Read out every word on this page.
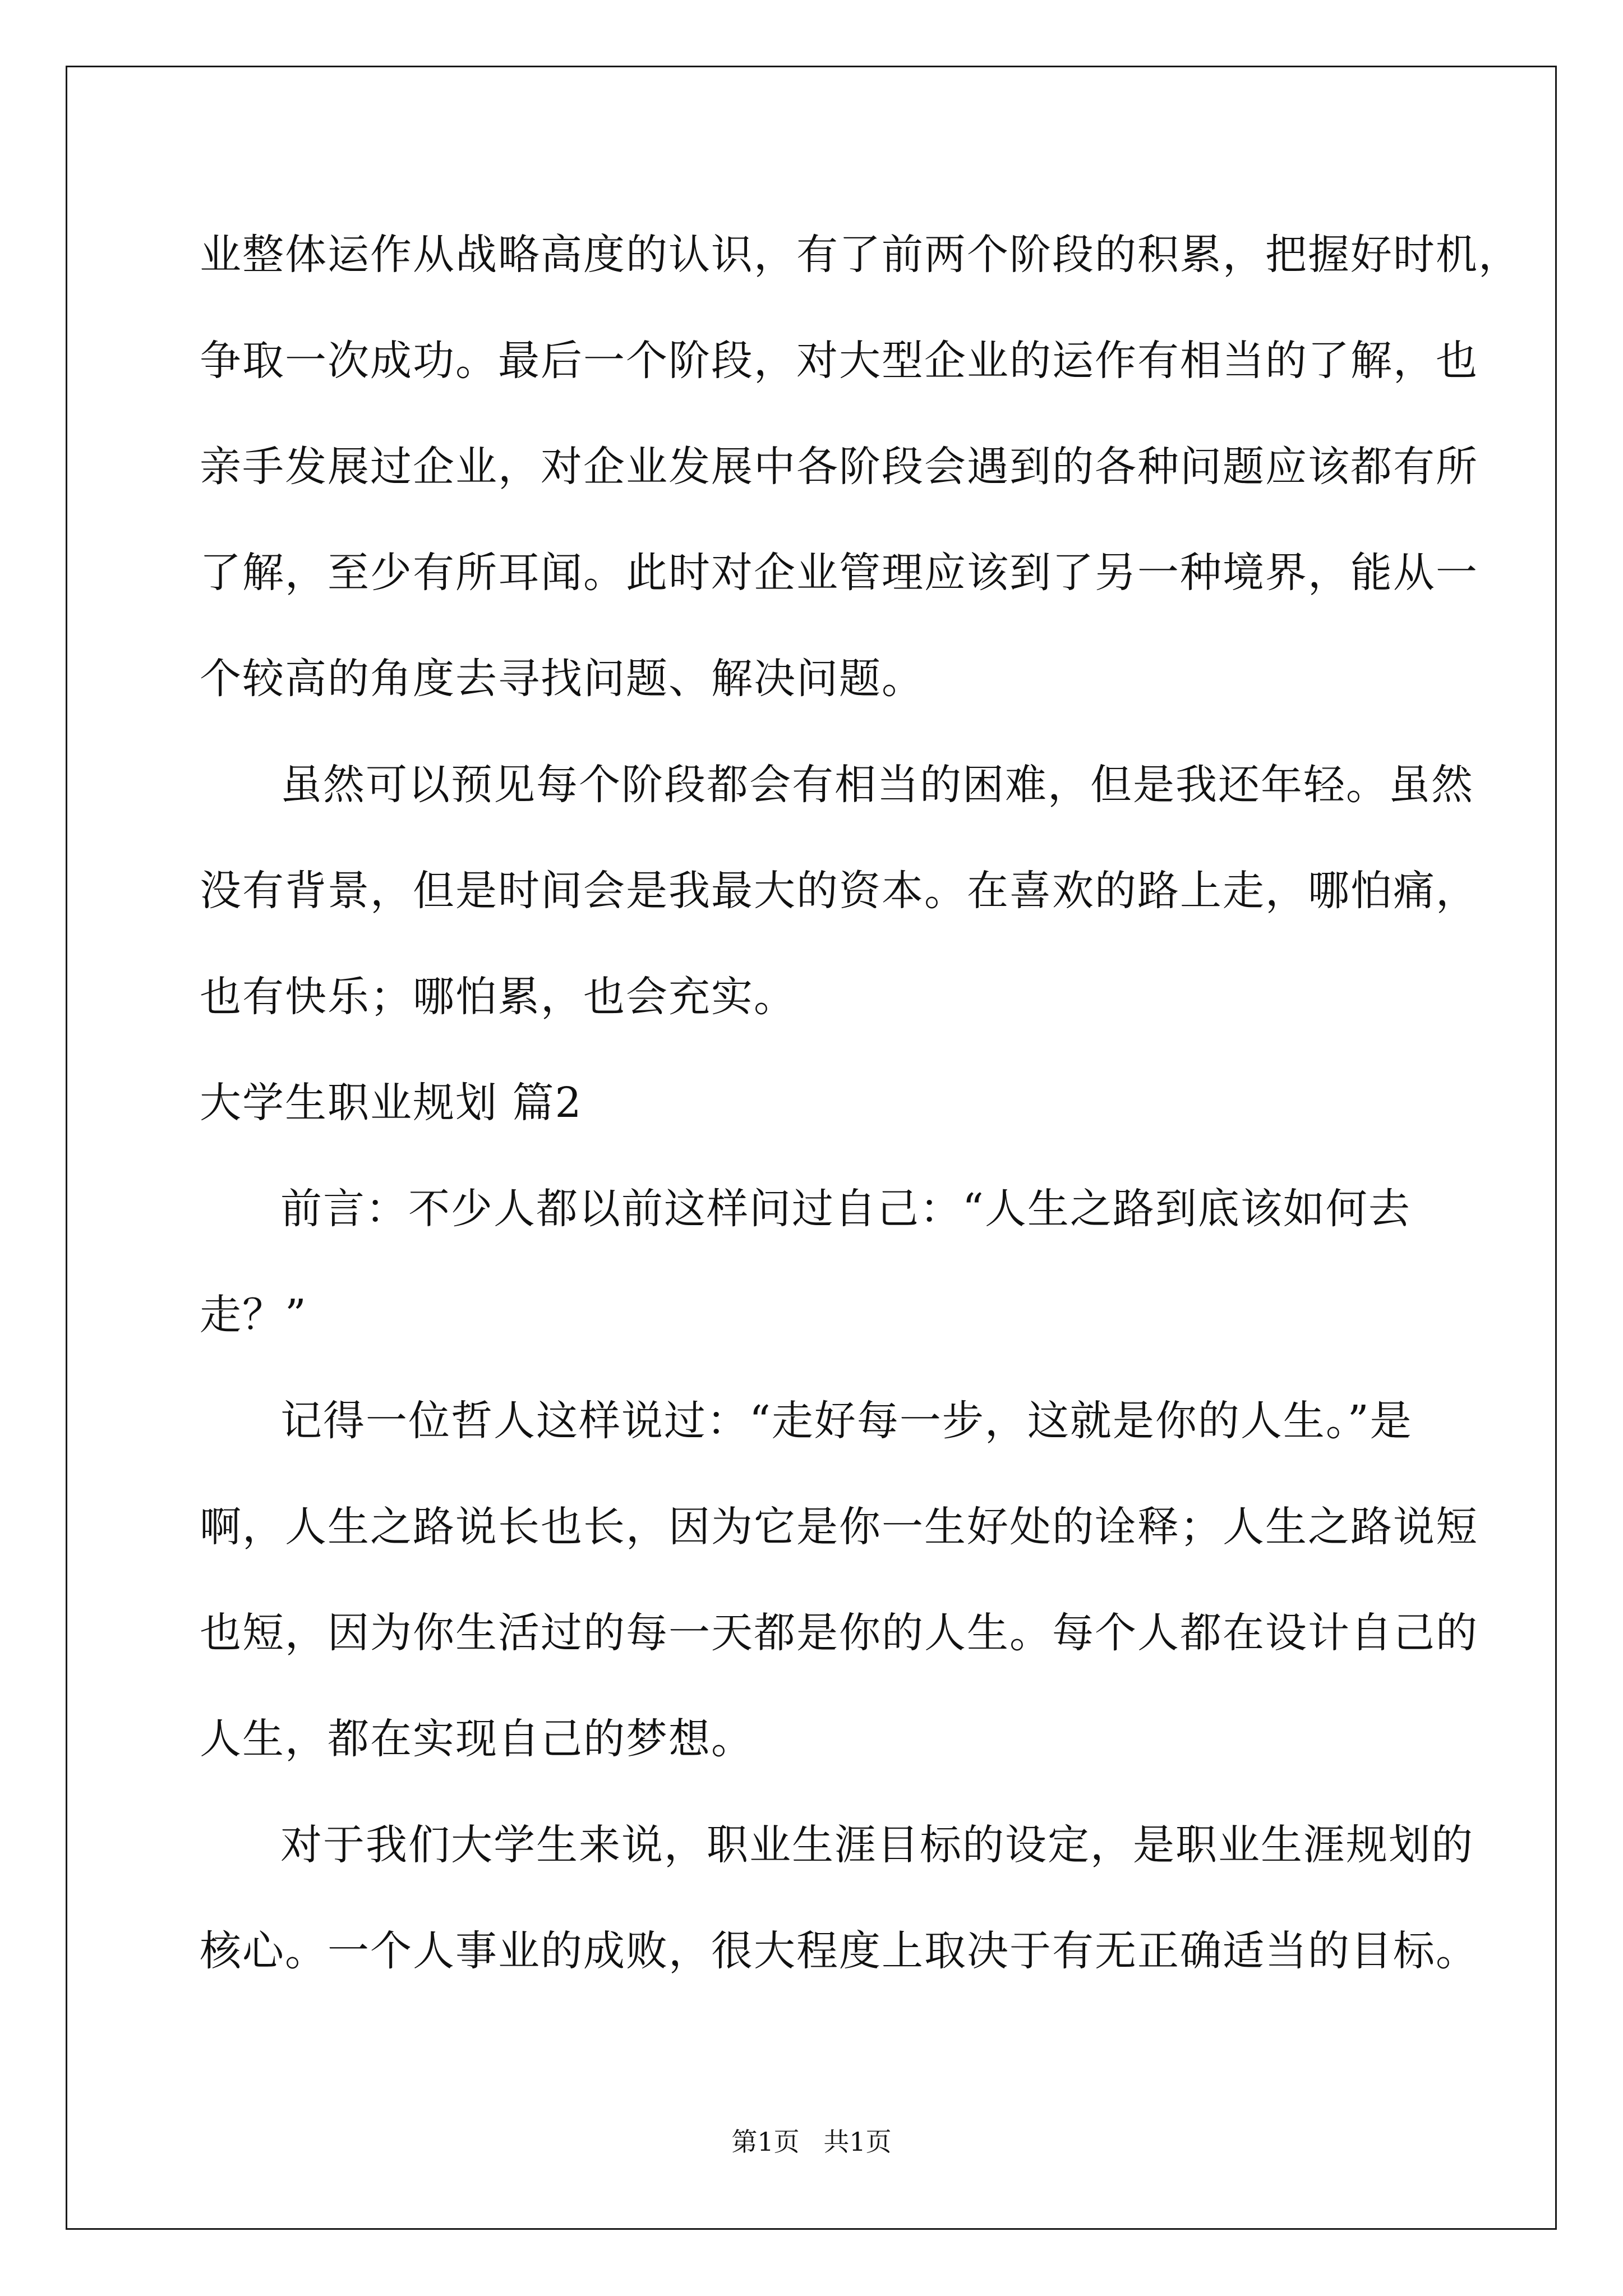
业整体运作从战略高度的认识，有了前两个阶段的积累，把握好时机，

争取一次成功。最后一个阶段，对大型企业的运作有相当的了解，也

亲手发展过企业，对企业发展中各阶段会遇到的各种问题应该都有所

了解，至少有所耳闻。此时对企业管理应该到了另一种境界，能从一

个较高的角度去寻找问题、解决问题。

虽然可以预见每个阶段都会有相当的困难，但是我还年轻。虽然

没有背景，但是时间会是我最大的资本。在喜欢的路上走，哪怕痛，

也有快乐；哪怕累，也会充实。

大学生职业规划 篇2

前言：不少人都以前这样问过自己：“人生之路到底该如何去

走？”

记得一位哲人这样说过：“走好每一步，这就是你的人生。”是

啊，人生之路说长也长，因为它是你一生好处的诠释；人生之路说短

也短，因为你生活过的每一天都是你的人生。每个人都在设计自己的

人生，都在实现自己的梦想。

对于我们大学生来说，职业生涯目标的设定，是职业生涯规划的

核心。一个人事业的成败，很大程度上取决于有无正确适当的目标。

第1页 共1页
